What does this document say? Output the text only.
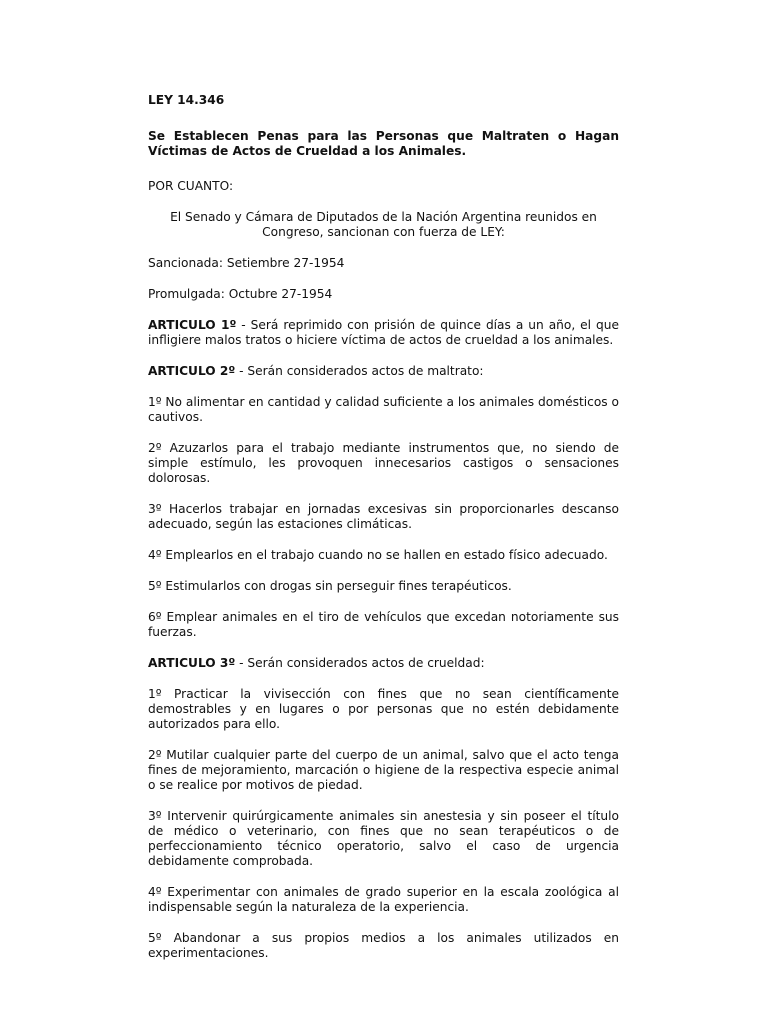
LEY 14.346

Se Establecen Penas para las Personas que Maltraten o Hagan Víctimas de Actos de Crueldad a los Animales.

POR CUANTO:

El Senado y Cámara de Diputados de la Nación Argentina reunidos en Congreso, sancionan con fuerza de LEY:

Sancionada: Setiembre 27-1954

Promulgada: Octubre 27-1954

ARTICULO 1º - Será reprimido con prisión de quince días a un año, el que infligiere malos tratos o hiciere víctima de actos de crueldad a los animales.

ARTICULO 2º - Serán considerados actos de maltrato:

1º No alimentar en cantidad y calidad suficiente a los animales domésticos o cautivos.

2º Azuzarlos para el trabajo mediante instrumentos que, no siendo de simple estímulo, les provoquen innecesarios castigos o sensaciones dolorosas.

3º Hacerlos trabajar en jornadas excesivas sin proporcionarles descanso adecuado, según las estaciones climáticas.

4º Emplearlos en el trabajo cuando no se hallen en estado físico adecuado.

5º Estimularlos con drogas sin perseguir fines terapéuticos.

6º Emplear animales en el tiro de vehículos que excedan notoriamente sus fuerzas.

ARTICULO 3º - Serán considerados actos de crueldad:

1º Practicar la vivisección con fines que no sean científicamente demostrables y en lugares o por personas que no estén debidamente autorizados para ello.

2º Mutilar cualquier parte del cuerpo de un animal, salvo que el acto tenga fines de mejoramiento, marcación o higiene de la respectiva especie animal o se realice por motivos de piedad.

3º Intervenir quirúrgicamente animales sin anestesia y sin poseer el título de médico o veterinario, con fines que no sean terapéuticos o de perfeccionamiento técnico operatorio, salvo el caso de urgencia debidamente comprobada.

4º Experimentar con animales de grado superior en la escala zoológica al indispensable según la naturaleza de la experiencia.

5º Abandonar a sus propios medios a los animales utilizados en experimentaciones.
